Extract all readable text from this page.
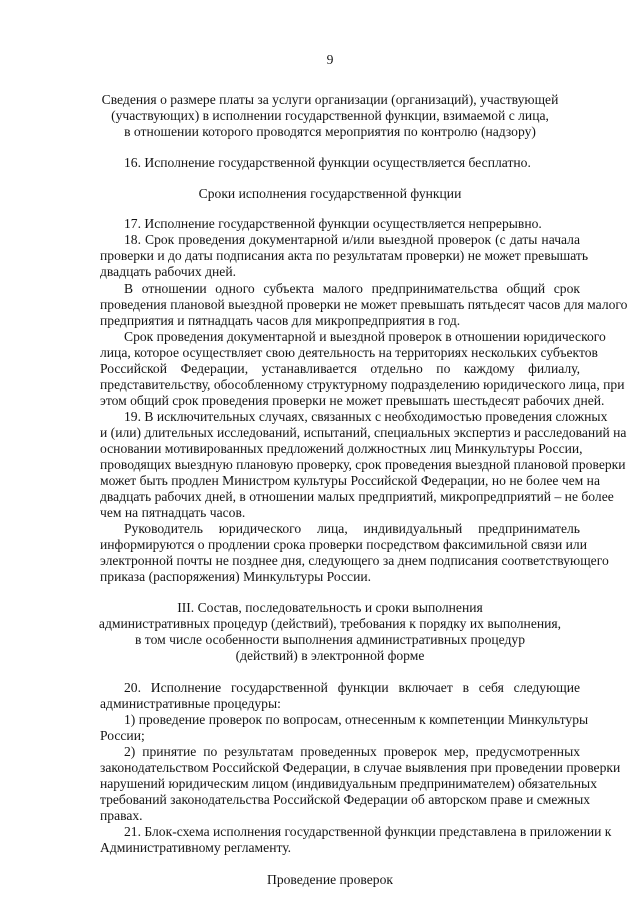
9
Сведения о размере платы за услуги организации (организаций), участвующей
(участвующих) в исполнении государственной функции, взимаемой с лица,
в отношении которого проводятся мероприятия по контролю (надзору)
16. Исполнение государственной функции осуществляется бесплатно.
Сроки исполнения государственной функции
17. Исполнение государственной функции осуществляется непрерывно.
18. Срок проведения документарной и/или выездной проверок (с даты начала
проверки и до даты подписания акта по результатам проверки) не может превышать
двадцать рабочих дней.
В отношении одного субъекта малого предпринимательства общий срок
проведения плановой выездной проверки не может превышать пятьдесят часов для малого
предприятия и пятнадцать часов для микропредприятия в год.
Срок проведения документарной и выездной проверок в отношении юридического
лица, которое осуществляет свою деятельность на территориях нескольких субъектов
Российской Федерации, устанавливается отдельно по каждому филиалу,
представительству, обособленному структурному подразделению юридического лица, при
этом общий срок проведения проверки не может превышать шестьдесят рабочих дней.
19. В исключительных случаях, связанных с необходимостью проведения сложных
и (или) длительных исследований, испытаний, специальных экспертиз и расследований на
основании мотивированных предложений должностных лиц Минкультуры России,
проводящих выездную плановую проверку, срок проведения выездной плановой проверки
может быть продлен Министром культуры Российской Федерации, но не более чем на
двадцать рабочих дней, в отношении малых предприятий, микропредприятий – не более
чем на пятнадцать часов.
Руководитель юридического лица, индивидуальный предприниматель
информируются о продлении срока проверки посредством факсимильной связи или
электронной почты не позднее дня, следующего за днем подписания соответствующего
приказа (распоряжения) Минкультуры России.
III. Состав, последовательность и сроки выполнения
административных процедур (действий), требования к порядку их выполнения,
в том числе особенности выполнения административных процедур
(действий) в электронной форме
20. Исполнение государственной функции включает в себя следующие
административные процедуры:
1) проведение проверок по вопросам, отнесенным к компетенции Минкультуры
России;
2) принятие по результатам проведенных проверок мер, предусмотренных
законодательством Российской Федерации, в случае выявления при проведении проверки
нарушений юридическим лицом (индивидуальным предпринимателем) обязательных
требований законодательства Российской Федерации об авторском праве и смежных
правах.
21. Блок-схема исполнения государственной функции представлена в приложении к
Административному регламенту.
Проведение проверок
